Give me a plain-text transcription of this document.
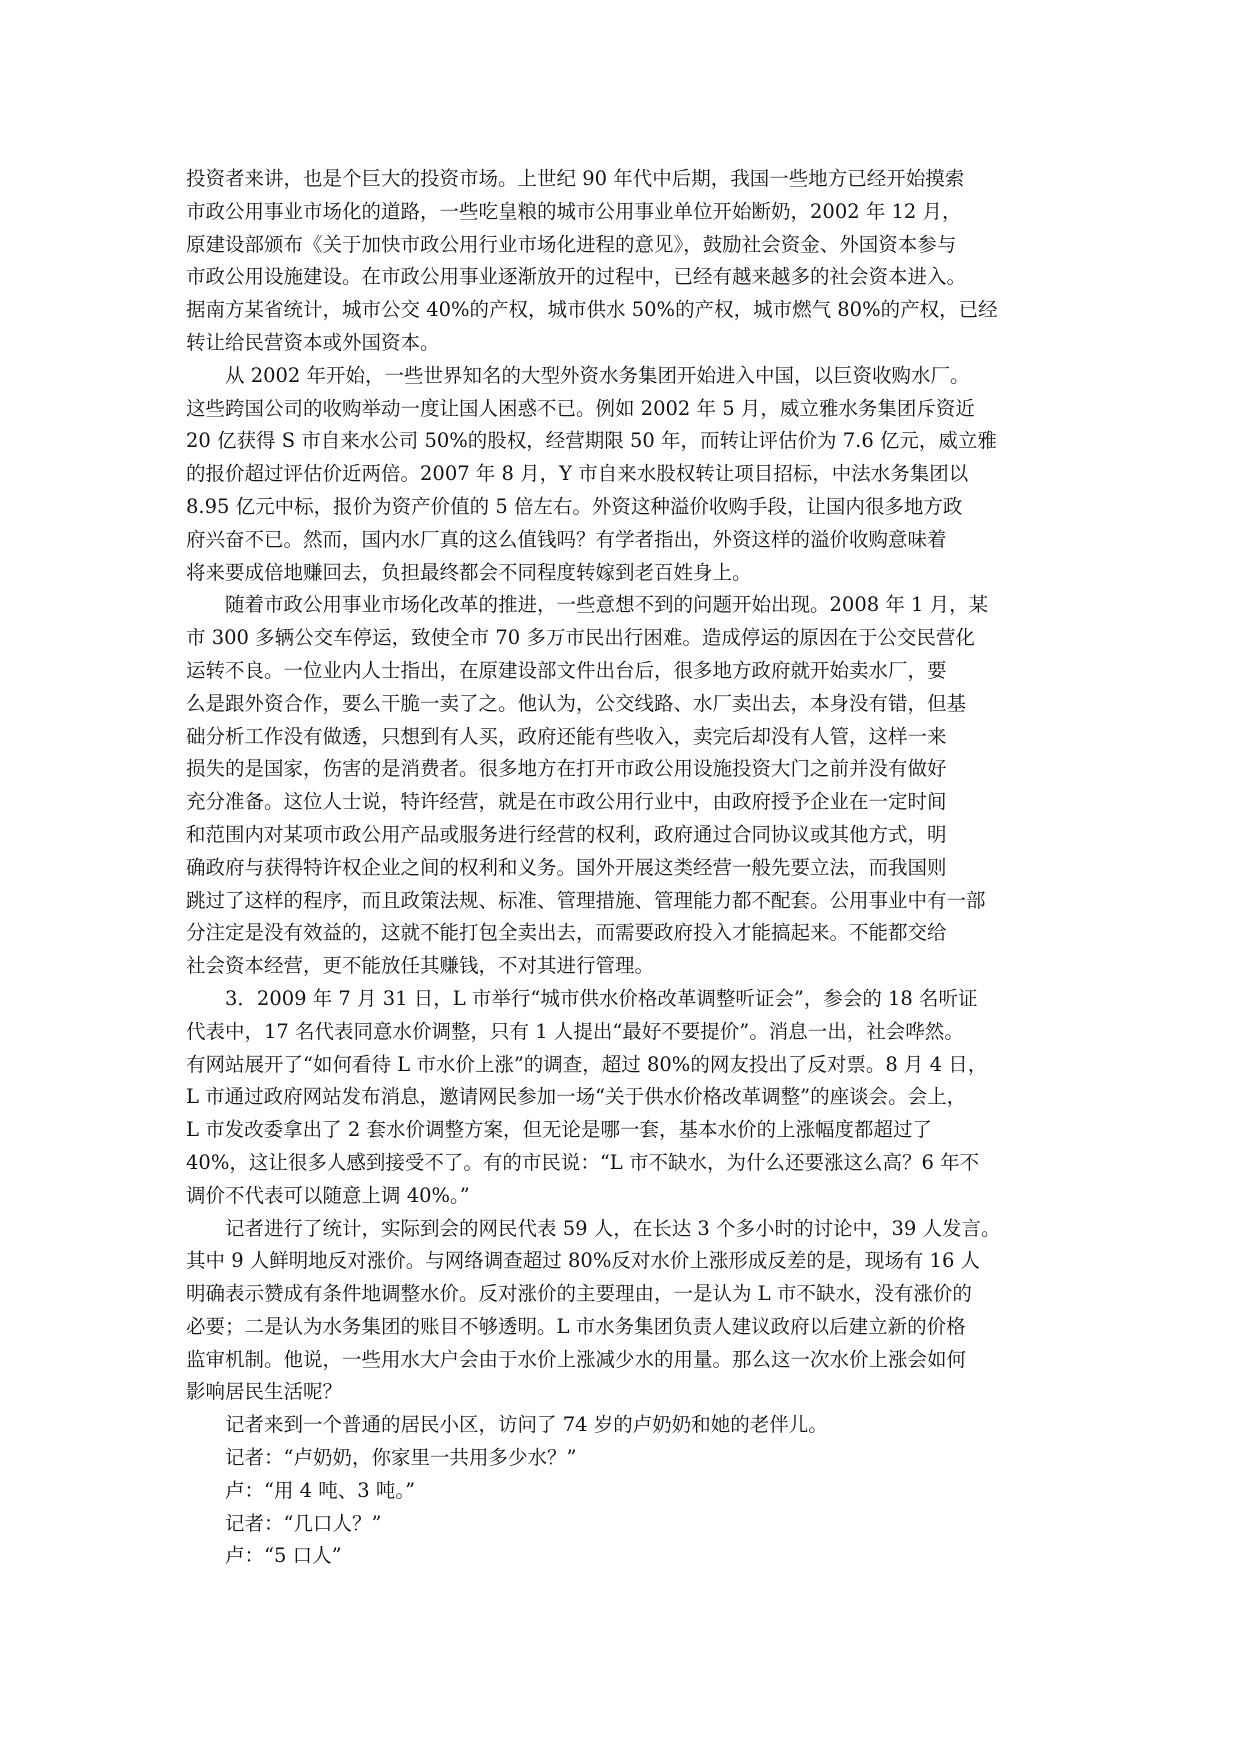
投资者来讲，也是个巨大的投资市场。上世纪 90 年代中后期，我国一些地方已经开始摸索
市政公用事业市场化的道路，一些吃皇粮的城市公用事业单位开始断奶，2002 年 12 月，
原建设部颁布《关于加快市政公用行业市场化进程的意见》，鼓励社会资金、外国资本参与
市政公用设施建设。在市政公用事业逐渐放开的过程中，已经有越来越多的社会资本进入。
据南方某省统计，城市公交 40%的产权，城市供水 50%的产权，城市燃气 80%的产权，已经
转让给民营资本或外国资本。
从 2002 年开始，一些世界知名的大型外资水务集团开始进入中国，以巨资收购水厂。
这些跨国公司的收购举动一度让国人困惑不已。例如 2002 年 5 月，威立雅水务集团斥资近
20 亿获得 S 市自来水公司 50%的股权，经营期限 50 年，而转让评估价为 7.6 亿元，威立雅
的报价超过评估价近两倍。2007 年 8 月，Y 市自来水股权转让项目招标，中法水务集团以
8.95 亿元中标，报价为资产价值的 5 倍左右。外资这种溢价收购手段，让国内很多地方政
府兴奋不已。然而，国内水厂真的这么值钱吗？有学者指出，外资这样的溢价收购意味着
将来要成倍地赚回去，负担最终都会不同程度转嫁到老百姓身上。
随着市政公用事业市场化改革的推进，一些意想不到的问题开始出现。2008 年 1 月，某
市 300 多辆公交车停运，致使全市 70 多万市民出行困难。造成停运的原因在于公交民营化
运转不良。一位业内人士指出，在原建设部文件出台后，很多地方政府就开始卖水厂，要
么是跟外资合作，要么干脆一卖了之。他认为，公交线路、水厂卖出去，本身没有错，但基
础分析工作没有做透，只想到有人买，政府还能有些收入，卖完后却没有人管，这样一来
损失的是国家，伤害的是消费者。很多地方在打开市政公用设施投资大门之前并没有做好
充分准备。这位人士说，特许经营，就是在市政公用行业中，由政府授予企业在一定时间
和范围内对某项市政公用产品或服务进行经营的权利，政府通过合同协议或其他方式，明
确政府与获得特许权企业之间的权利和义务。国外开展这类经营一般先要立法，而我国则
跳过了这样的程序，而且政策法规、标准、管理措施、管理能力都不配套。公用事业中有一部
分注定是没有效益的，这就不能打包全卖出去，而需要政府投入才能搞起来。不能都交给
社会资本经营，更不能放任其赚钱，不对其进行管理。
3．2009 年 7 月 31 日，L 市举行“城市供水价格改革调整听证会”，参会的 18 名听证
代表中，17 名代表同意水价调整，只有 1 人提出“最好不要提价”。消息一出，社会哗然。
有网站展开了“如何看待 L 市水价上涨”的调查，超过 80%的网友投出了反对票。8 月 4 日，
L 市通过政府网站发布消息，邀请网民参加一场“关于供水价格改革调整”的座谈会。会上，
L 市发改委拿出了 2 套水价调整方案，但无论是哪一套，基本水价的上涨幅度都超过了
40%，这让很多人感到接受不了。有的市民说：“L 市不缺水，为什么还要涨这么高？6 年不
调价不代表可以随意上调 40%。”
记者进行了统计，实际到会的网民代表 59 人，在长达 3 个多小时的讨论中，39 人发言。
其中 9 人鲜明地反对涨价。与网络调查超过 80%反对水价上涨形成反差的是，现场有 16 人
明确表示赞成有条件地调整水价。反对涨价的主要理由，一是认为 L 市不缺水，没有涨价的
必要；二是认为水务集团的账目不够透明。L 市水务集团负责人建议政府以后建立新的价格
监审机制。他说，一些用水大户会由于水价上涨减少水的用量。那么这一次水价上涨会如何
影响居民生活呢？
记者来到一个普通的居民小区，访问了 74 岁的卢奶奶和她的老伴儿。
记者：“卢奶奶，你家里一共用多少水？”
卢：“用 4 吨、3 吨。”
记者：“几口人？”
卢：“5 口人”
